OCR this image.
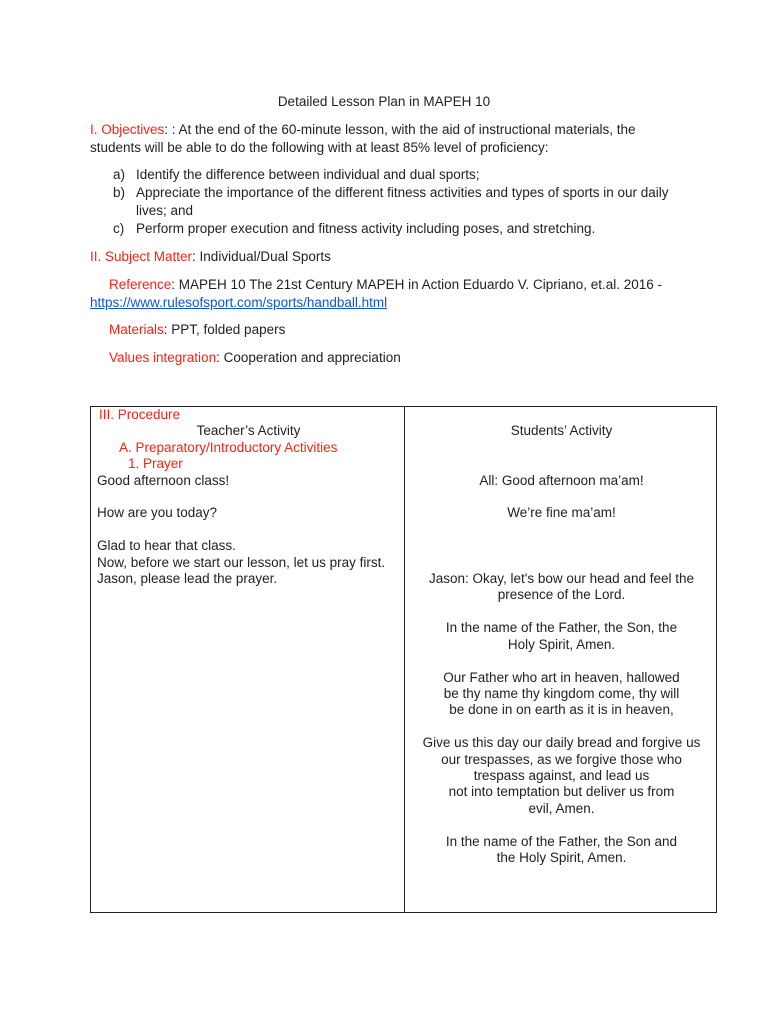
Detailed Lesson Plan in MAPEH 10
I. Objectives: : At the end of the 60-minute lesson, with the aid of instructional materials, the students will be able to do the following with at least 85% level of proficiency:
a) Identify the difference between individual and dual sports;
b) Appreciate the importance of the different fitness activities and types of sports in our daily lives; and
c) Perform proper execution and fitness activity including poses, and stretching.
II. Subject Matter: Individual/Dual Sports
Reference: MAPEH 10 The 21st Century MAPEH in Action Eduardo V. Cipriano, et.al. 2016 - https://www.rulesofsport.com/sports/handball.html
Materials: PPT, folded papers
Values integration: Cooperation and appreciation
III. Procedure
Teacher’s Activity
A. Preparatory/Introductory Activities
1. Prayer
Good afternoon class!

How are you today?

Glad to hear that class.
Now, before we start our lesson, let us pray first.
Jason, please lead the prayer.

Students’ Activity

All: Good afternoon ma’am!

We’re fine ma’am!

Jason: Okay, let's bow our head and feel the
presence of the Lord.

In the name of the Father, the Son, the
Holy Spirit, Amen.

Our Father who art in heaven, hallowed
be thy name thy kingdom come, thy will
be done in on earth as it is in heaven,

Give us this day our daily bread and forgive us
our trespasses, as we forgive those who
trespass against, and lead us
not into temptation but deliver us from
evil, Amen.

In the name of the Father, the Son and
the Holy Spirit, Amen.
